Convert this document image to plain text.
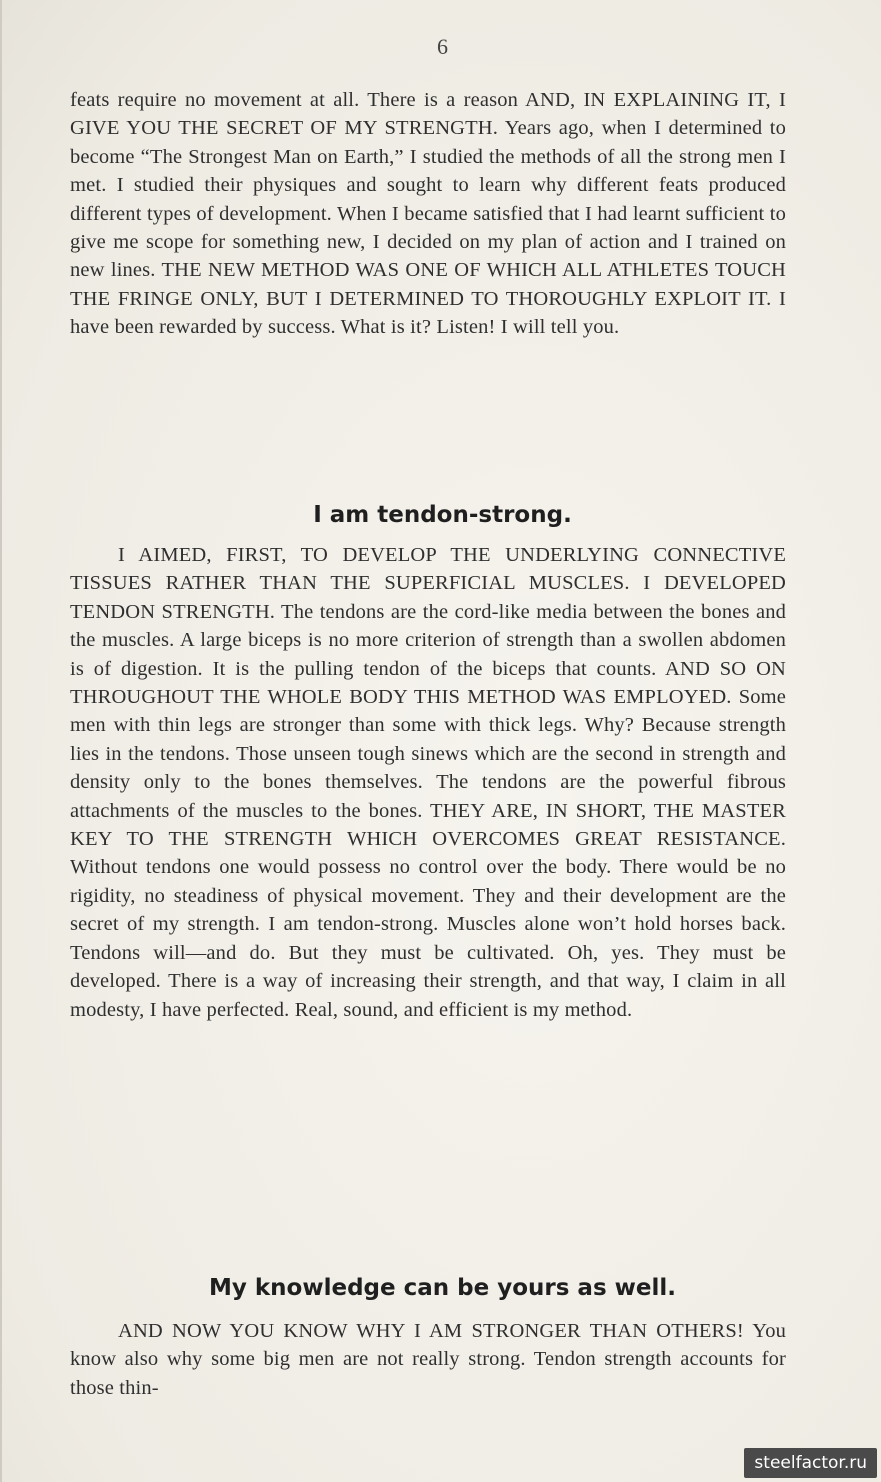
6

feats require no movement at all. There is a reason AND, IN EXPLAINING IT, I GIVE YOU THE SECRET OF MY STRENGTH. Years ago, when I determined to become “The Strongest Man on Earth,” I studied the methods of all the strong men I met. I studied their physiques and sought to learn why different feats produced different types of development. When I became satisfied that I had learnt sufficient to give me scope for something new, I decided on my plan of action and I trained on new lines. THE NEW METHOD WAS ONE OF WHICH ALL ATHLETES TOUCH THE FRINGE ONLY, BUT I DETERMINED TO THOROUGHLY EXPLOIT IT. I have been rewarded by success. What is it? Listen! I will tell you.

I am tendon-strong.

I AIMED, FIRST, TO DEVELOP THE UNDERLYING CONNECTIVE TISSUES RATHER THAN THE SUPERFICIAL MUSCLES. I DEVELOPED TENDON STRENGTH. The tendons are the cord-like media between the bones and the muscles. A large biceps is no more criterion of strength than a swollen abdomen is of digestion. It is the pulling tendon of the biceps that counts. AND SO ON THROUGHOUT THE WHOLE BODY THIS METHOD WAS EMPLOYED. Some men with thin legs are stronger than some with thick legs. Why? Because strength lies in the tendons. Those unseen tough sinews which are the second in strength and density only to the bones themselves. The tendons are the powerful fibrous attachments of the muscles to the bones. THEY ARE, IN SHORT, THE MASTER KEY TO THE STRENGTH WHICH OVERCOMES GREAT RESISTANCE. Without tendons one would possess no control over the body. There would be no rigidity, no steadiness of physical movement. They and their development are the secret of my strength. I am tendon-strong. Muscles alone won’t hold horses back. Tendons will—and do. But they must be cultivated. Oh, yes. They must be developed. There is a way of increasing their strength, and that way, I claim in all modesty, I have perfected. Real, sound, and efficient is my method.

My knowledge can be yours as well.

AND NOW YOU KNOW WHY I AM STRONGER THAN OTHERS! You know also why some big men are not really strong. Tendon strength accounts for those thin-

steelfactor.ru
